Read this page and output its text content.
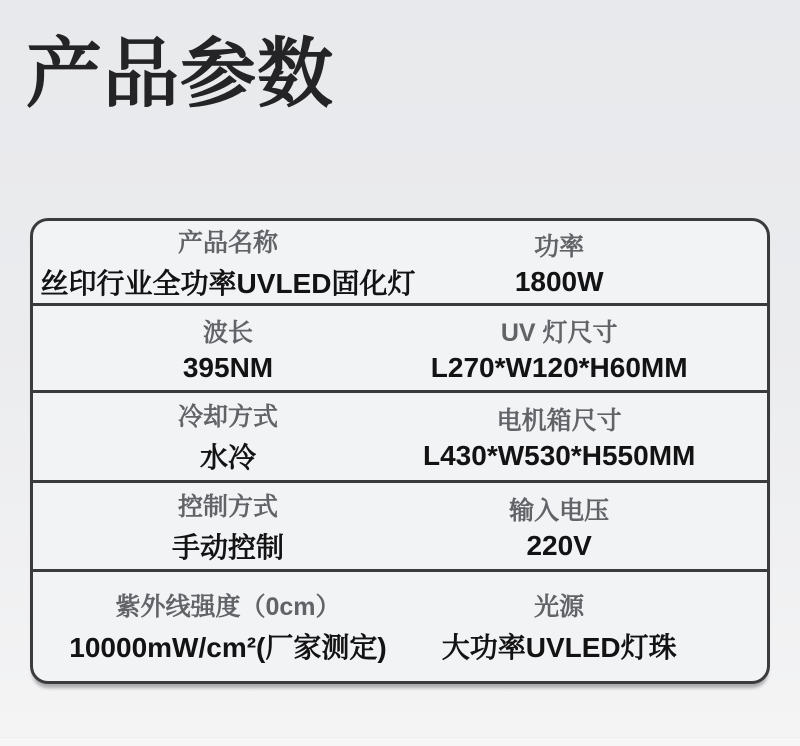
产品参数
产品名称
丝印行业全功率UVLED固化灯
功率
1800W
波长
395NM
UV 灯尺寸
L270*W120*H60MM
冷却方式
水冷
电机箱尺寸
L430*W530*H550MM
控制方式
手动控制
输入电压
220V
紫外线强度（0cm）
10000mW/cm²(厂家测定)
光源
大功率UVLED灯珠
